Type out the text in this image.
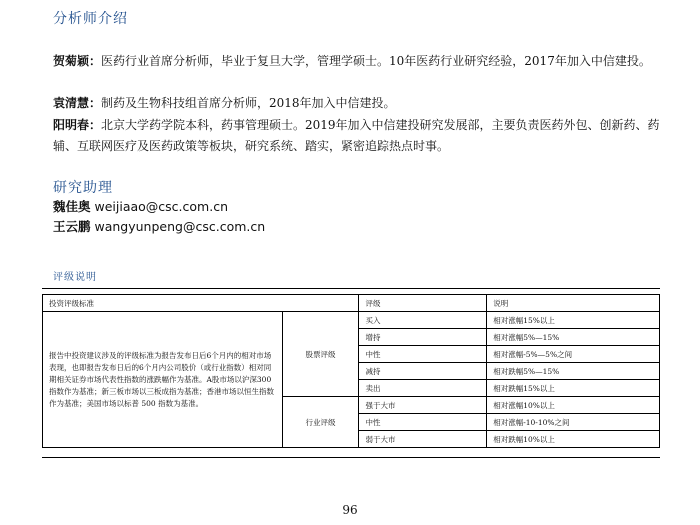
分析师介绍
贺菊颖：医药行业首席分析师，毕业于复旦大学，管理学硕士。10年医药行业研究经验，2017年加入中信建投。
袁清慧：制药及生物科技组首席分析师，2018年加入中信建投。
阳明春：北京大学药学院本科，药事管理硕士。2019年加入中信建投研究发展部，主要负责医药外包、创新药、药辅、互联网医疗及医药政策等板块，研究系统、踏实，紧密追踪热点时事。
研究助理
魏佳奥 weijiaao@csc.com.cn
王云鹏 wangyunpeng@csc.com.cn
评级说明
投资评级标准		评级	说明
报告中投资建议涉及的评级标准为报告发布日后6个月内的相对市场表现，也即报告发布日后的6个月内公司股价（或行业指数）相对同期相关证券市场代表性指数的涨跌幅作为基准。A股市场以沪深300指数作为基准；新三板市场以三板成指为基准；香港市场以恒生指数作为基准；美国市场以标普 500 指数为基准。	股票评级	买入	相对涨幅15%以上
		增持	相对涨幅5%—15%
		中性	相对涨幅-5%—5%之间
		减持	相对跌幅5%—15%
		卖出	相对跌幅15%以上
	行业评级	强于大市	相对涨幅10%以上
		中性	相对涨幅-10-10%之间
		弱于大市	相对跌幅10%以上
96
